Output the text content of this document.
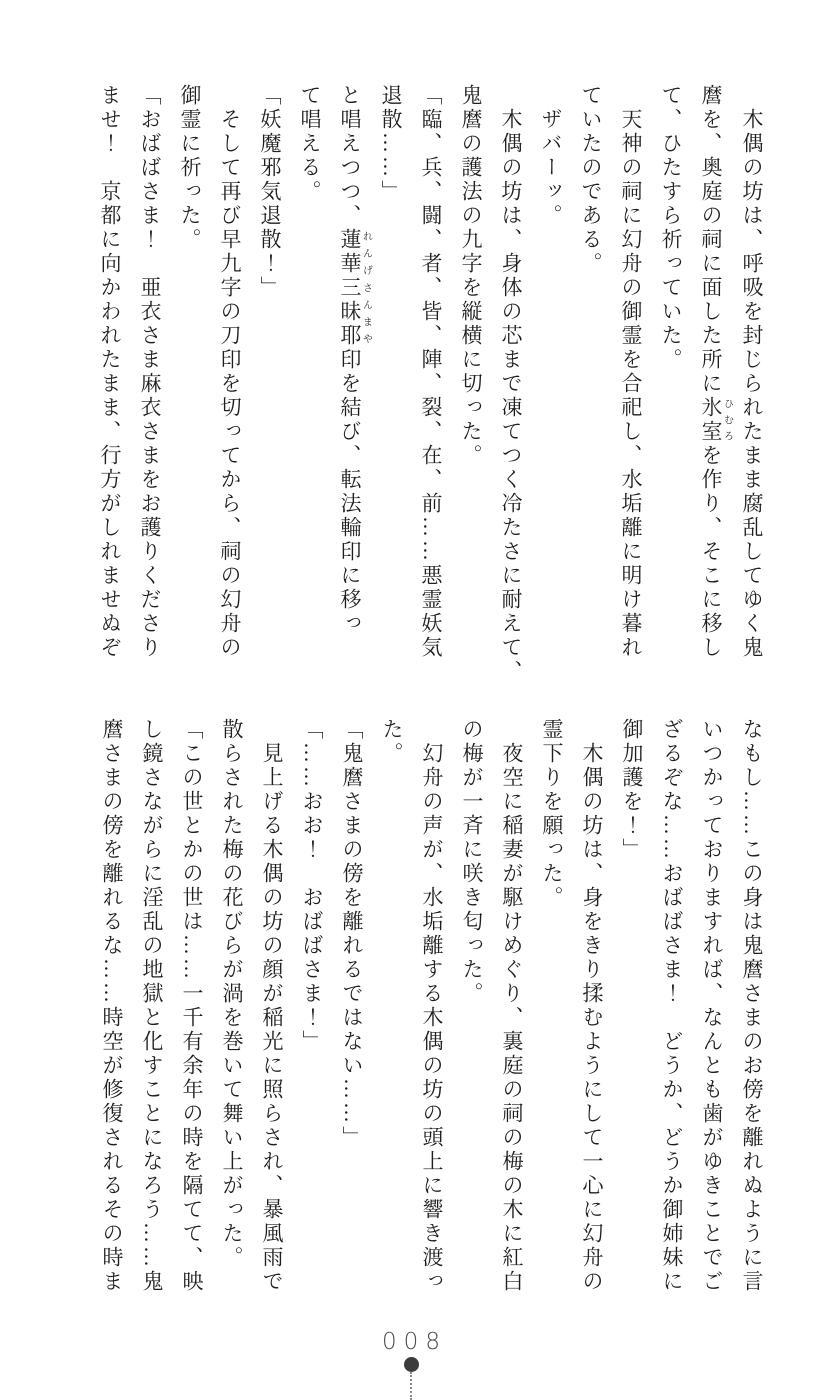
　木偶の坊は、呼吸を封じられたまま腐乱してゆく鬼
麿を、奥庭の祠に面した所に氷室ひむろを作り、そこに移し
て、ひたすら祈っていた。
　天神の祠に幻舟の御霊を合祀し、水垢離に明け暮れ
ていたのである。
　ザバーッ。
　木偶の坊は、身体の芯まで凍てつく冷たさに耐えて、
鬼麿の護法の九字を縦横に切った。
「臨、兵、闘、者、皆、陣、裂、在、前……悪霊妖気
退散……」
と唱えつつ、蓮華三昧耶れんげさんまや印を結び、転法輪印に移っ
て唱える。
「妖魔邪気退散！」
　そして再び早九字の刀印を切ってから、祠の幻舟の
御霊に祈った。
「おばばさま！　亜衣さま麻衣さまをお護りくださり
ませ！　京都に向かわれたまま、行方がしれませぬぞ
なもし……この身は鬼麿さまのお傍を離れぬように言
いつかっておりますれば、なんとも歯がゆきことでご
ざるぞな……おばばさま！　どうか、どうか御姉妹に
御加護を！」
　木偶の坊は、身をきり揉むようにして一心に幻舟の
霊下りを願った。
　夜空に稲妻が駆けめぐり、裏庭の祠の梅の木に紅白
の梅が一斉に咲き匂った。
　幻舟の声が、水垢離する木偶の坊の頭上に響き渡っ
た。
「鬼麿さまの傍を離れるではない……」
「……おお！　おばばさま！」
　見上げる木偶の坊の顔が稲光に照らされ、暴風雨で
散らされた梅の花びらが渦を巻いて舞い上がった。
「この世とかの世は……一千有余年の時を隔てて、映
し鏡さながらに淫乱の地獄と化すことになろう……鬼
麿さまの傍を離れるな……時空が修復されるその時ま
008
